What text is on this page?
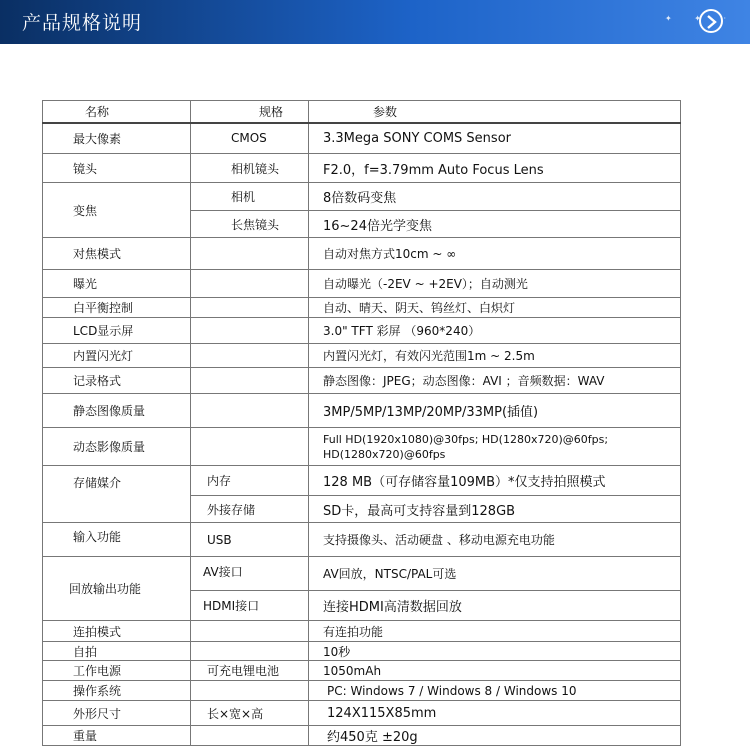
产品规格说明	✦ ✦ ·
名称	规格	参数
最大像素	CMOS	3.3Mega SONY COMS Sensor
镜头	相机镜头	F2.0，f=3.79mm Auto Focus Lens
变焦	相机	8倍数码变焦
	长焦镜头	16~24倍光学变焦
对焦模式		自动对焦方式10cm ~ ∞
曝光		自动曝光（-2EV ~ +2EV）；自动测光
白平衡控制		自动、晴天、阴天、钨丝灯、白炽灯
LCD显示屏		3.0" TFT 彩屏 （960*240）
内置闪光灯		内置闪光灯，有效闪光范围1m ~ 2.5m
记录格式		静态图像：JPEG；动态图像：AVI ；音频数据：WAV
静态图像质量		3MP/5MP/13MP/20MP/33MP(插值)
动态影像质量		Full HD(1920x1080)@30fps; HD(1280x720)@60fps; HD(1280x720)@60fps
存储媒介	内存	128 MB（可存储容量109MB）*仅支持拍照模式
	外接存储	SD卡，最高可支持容量到128GB
输入功能	USB	支持摄像头、活动硬盘 、移动电源充电功能
回放输出功能	AV接口	AV回放，NTSC/PAL可选
	HDMI接口	连接HDMI高清数据回放
连拍模式		有连拍功能
自拍		10秒
工作电源	可充电锂电池	1050mAh
操作系统		PC: Windows 7 / Windows 8 / Windows 10
外形尺寸	长×宽×高	124X115X85mm
重量		约450克 ±20g
